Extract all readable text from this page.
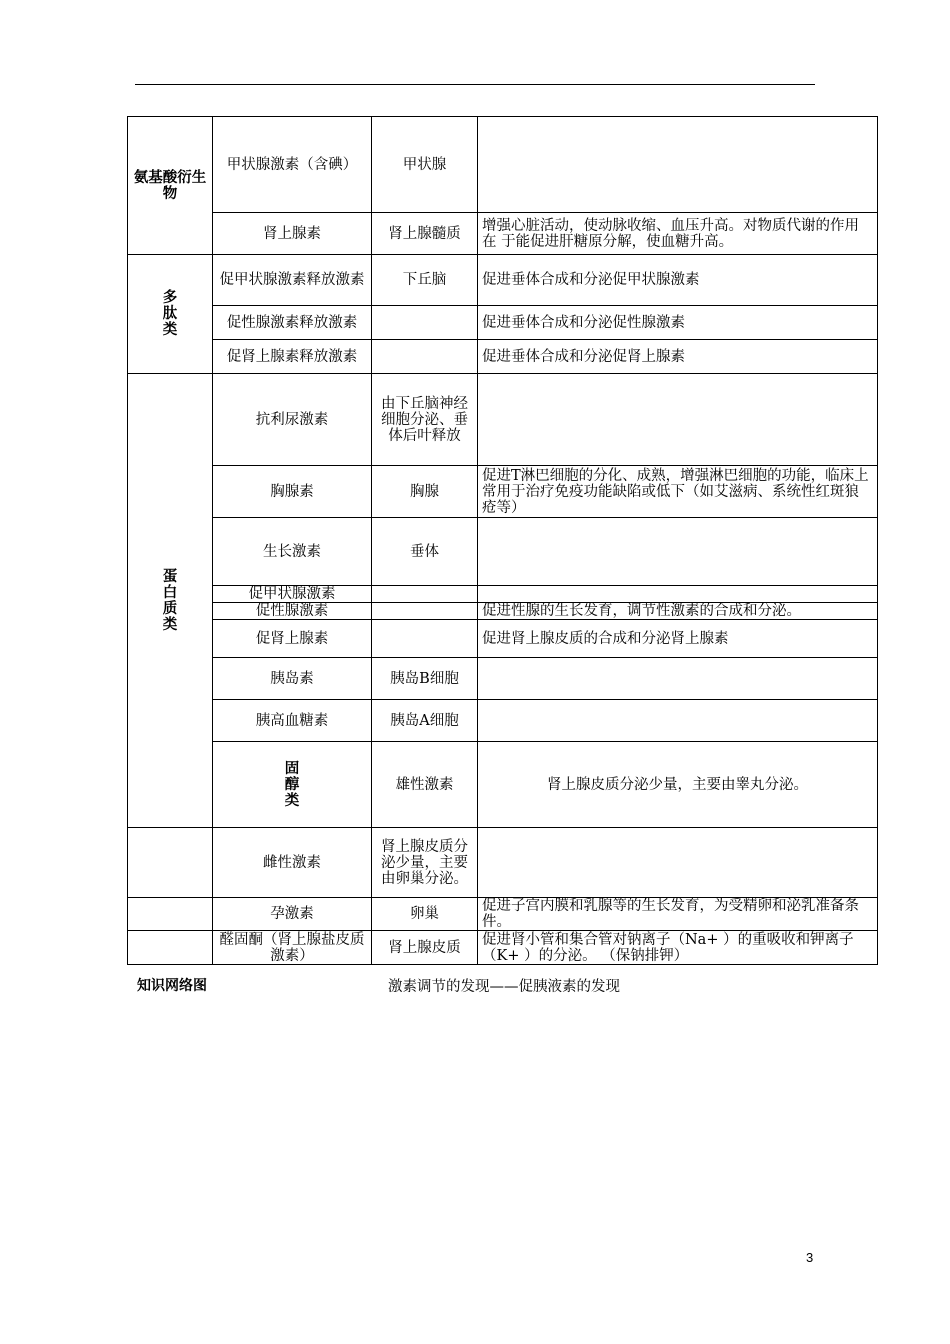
氨基酸衍生物	甲状腺激素（含碘）	甲状腺		
	肾上腺素	肾上腺髓质	增强心脏活动，使动脉收缩、血压升高。对物质代谢的作用在 于能促进肝糖原分解，使血糖升高。	
多肽类	促甲状腺激素释放激素	下丘脑	促进垂体合成和分泌促甲状腺激素	
	促性腺激素释放激素		促进垂体合成和分泌促性腺激素	
	促肾上腺素释放激素		促进垂体合成和分泌促肾上腺素	
蛋白质类	抗利尿激素	由下丘脑神经细胞分泌、垂体后叶释放		
	胸腺素	胸腺	促进T淋巴细胞的分化、成熟，增强淋巴细胞的功能，临床上常用于治疗免疫功能缺陷或低下（如艾滋病、系统性红斑狼疮等）	
	生长激素	垂体		
	促甲状腺激素			
	促性腺激素		促进性腺的生长发育，调节性激素的合成和分泌。	
	促肾上腺素		促进肾上腺皮质的合成和分泌肾上腺素	
	胰岛素	胰岛B细胞		
	胰高血糖素	胰岛A细胞		
	固醇类	雄性激素	肾上腺皮质分泌少量，主要由睾丸分泌。	
	雌性激素	肾上腺皮质分泌少量，主要由卵巢分泌。		
	孕激素	卵巢	促进子宫内膜和乳腺等的生长发育，为受精卵和泌乳准备条件。	
	醛固酮（肾上腺盐皮质激素）	肾上腺皮质	促进肾小管和集合管对钠离子（Na+ ）的重吸收和钾离子（K+ ）的分泌。 （保钠排钾）	
知识网络图	激素调节的发现——促胰液素的发现
3
